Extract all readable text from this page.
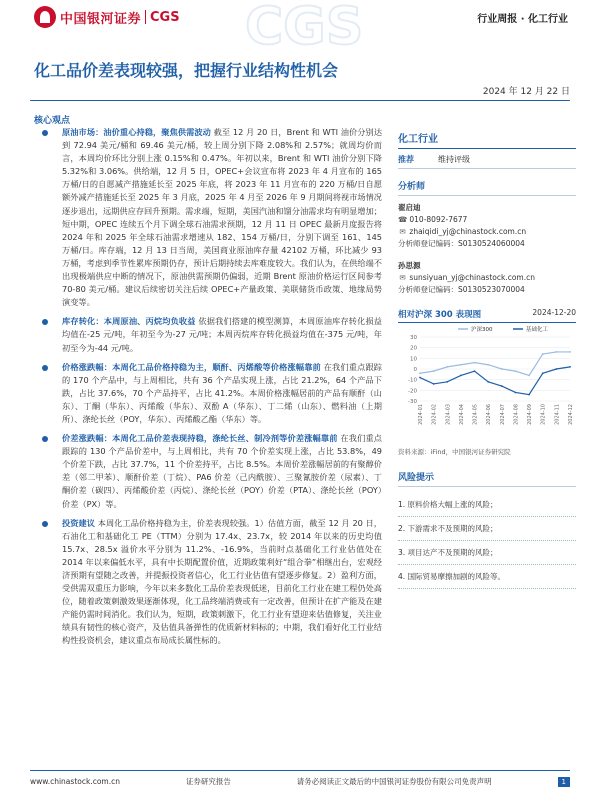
中国银河证券 CGS CGS	行业周报 · 化工行业
化工品价差表现较强，把握行业结构性机会
2024 年 12 月 22 日
核心观点
原油市场：油价重心持稳，聚焦供需波动 截至 12 月 20 日，Brent 和 WTI 油价分别达到 72.94 美元/桶和 69.46 美元/桶，较上周分别下降 2.08%和 2.57%；就周均价而言，本周均价环比分别上涨 0.15%和 0.47%。年初以来，Brent 和 WTI 油价分别下降 5.32%和 3.06%。供给端，12 月 5 日，OPEC+会议宣布将 2023 年 4 月宣布的 165 万桶/日的自愿减产措施延长至 2025 年底，将 2023 年 11 月宣布的 220 万桶/日自愿额外减产措施延长至 2025 年 3 月底，2025 年 4 月至 2026 年 9 月期间将视市场情况逐步退出，远期供应存回升预期。需求端，短期，美国汽油和馏分油需求均有明显增加；短中期，OPEC 连续五个月下调全球石油需求预期，12 月 11 日 OPEC 最新月度报告将 2024 年和 2025 年全球石油需求增速从 182、154 万桶/日，分别下调至 161、145 万桶/日。库存端，12 月 13 日当周，美国商业原油库存量 42102 万桶，环比减少 93 万桶，考虑到季节性累库预期仍存，预计后期持续去库难度较大。我们认为，在供给端不出现极端供应中断的情况下，原油供需预期仍偏弱，近期 Brent 原油价格运行区间参考 70-80 美元/桶。建议后续密切关注后续 OPEC+产量政策、美联储货币政策、地缘局势演变等。
库存转化：本周原油、丙烷均负收益 依据我们搭建的模型测算，本周原油库存转化损益均值在-25 元/吨，年初至今为-27 元/吨；本周丙烷库存转化损益均值在-375 元/吨，年初至今为-44 元/吨。
价格涨跌幅：本周化工品价格持稳为主，顺酐、丙烯酸等价格涨幅靠前 在我们重点跟踪的 170 个产品中，与上周相比，共有 36 个产品实现上涨，占比 21.2%，64 个产品下跌，占比 37.6%，70 个产品持平，占比 41.2%。本周价格涨幅居前的产品有顺酐（山东）、丁酮（华东）、丙烯酸（华东）、双酚 A（华东）、丁二烯（山东）、燃料油（上期所）、涤纶长丝（POY，华东）、丙烯酸乙酯（华东）等。
价差涨跌幅：本周化工品价差表现持稳，涤纶长丝、制冷剂等价差涨幅靠前 在我们重点跟踪的 130 个产品价差中，与上周相比，共有 70 个价差实现上涨，占比 53.8%，49 个价差下跌，占比 37.7%，11 个价差持平，占比 8.5%。本周价差涨幅居前的有聚醇价差（邻二甲苯）、顺酐价差（丁烷）、PA6 价差（己内酰胺）、三聚氰胺价差（尿素）、丁酮价差（碳四）、丙烯酸价差（丙烷）、涤纶长丝（POY）价差（PTA）、涤纶长丝（POY）价差（PX）等。
投资建议 本周化工品价格持稳为主，价差表现较强。1）估值方面，截至 12 月 20 日，石油化工和基础化工 PE（TTM）分别为 17.4x、23.7x，较 2014 年以来的历史均值 15.7x、28.5x 溢价水平分别为 11.2%、-16.9%，当前时点基础化工行业估值处在 2014 年以来偏低水平，具有中长期配置价值，近期政策利好“组合拳”相继出台，宏观经济预期有望随之改善，并提振投资者信心，化工行业估值有望逐步修复。2）盈利方面，受供需双重压力影响，今年以来多数化工品价差表现低迷，目前化工行业在建工程仍处高位，随着政策刺激效果逐渐体现，化工品终端消费或有一定改善，但预计在扩产能及在建产能仍需时间消化。我们认为，短期，政策刺激下，化工行业有望迎来估值修复，关注业绩具有韧性的核心资产，及估值具备弹性的优质新材料标的；中期，我们看好化工行业结构性投资机会，建议重点布局成长属性标的。
化工行业
推荐	维持评级
分析师
翟启迪
☎ 010-8092-7677
✉ zhaiqidi_yj@chinastock.com.cn
分析师登记编码：S0130524060004
孙思源
✉ sunsiyuan_yj@chinastock.com.cn
分析师登记编码：S0130523070004
相对沪深 300 表现图	2024-12-20
30
20
10
0
-10
-20
-30
2024-01 2024-02 2024-03 2024-04 2024-05 2024-06 2024-07 2024-08 2024-09 2024-10 2024-11 2024-12
沪深300	基础化工
资料来源：iFind，中国银河证券研究院
风险提示
1. 原料价格大幅上涨的风险；
2. 下游需求不及预期的风险；
3. 项目达产不及预期的风险；
4. 国际贸易摩擦加剧的风险等。
www.chinastock.com.cn	证券研究报告	请务必阅读正文最后的中国银河证券股份有限公司免责声明	1
